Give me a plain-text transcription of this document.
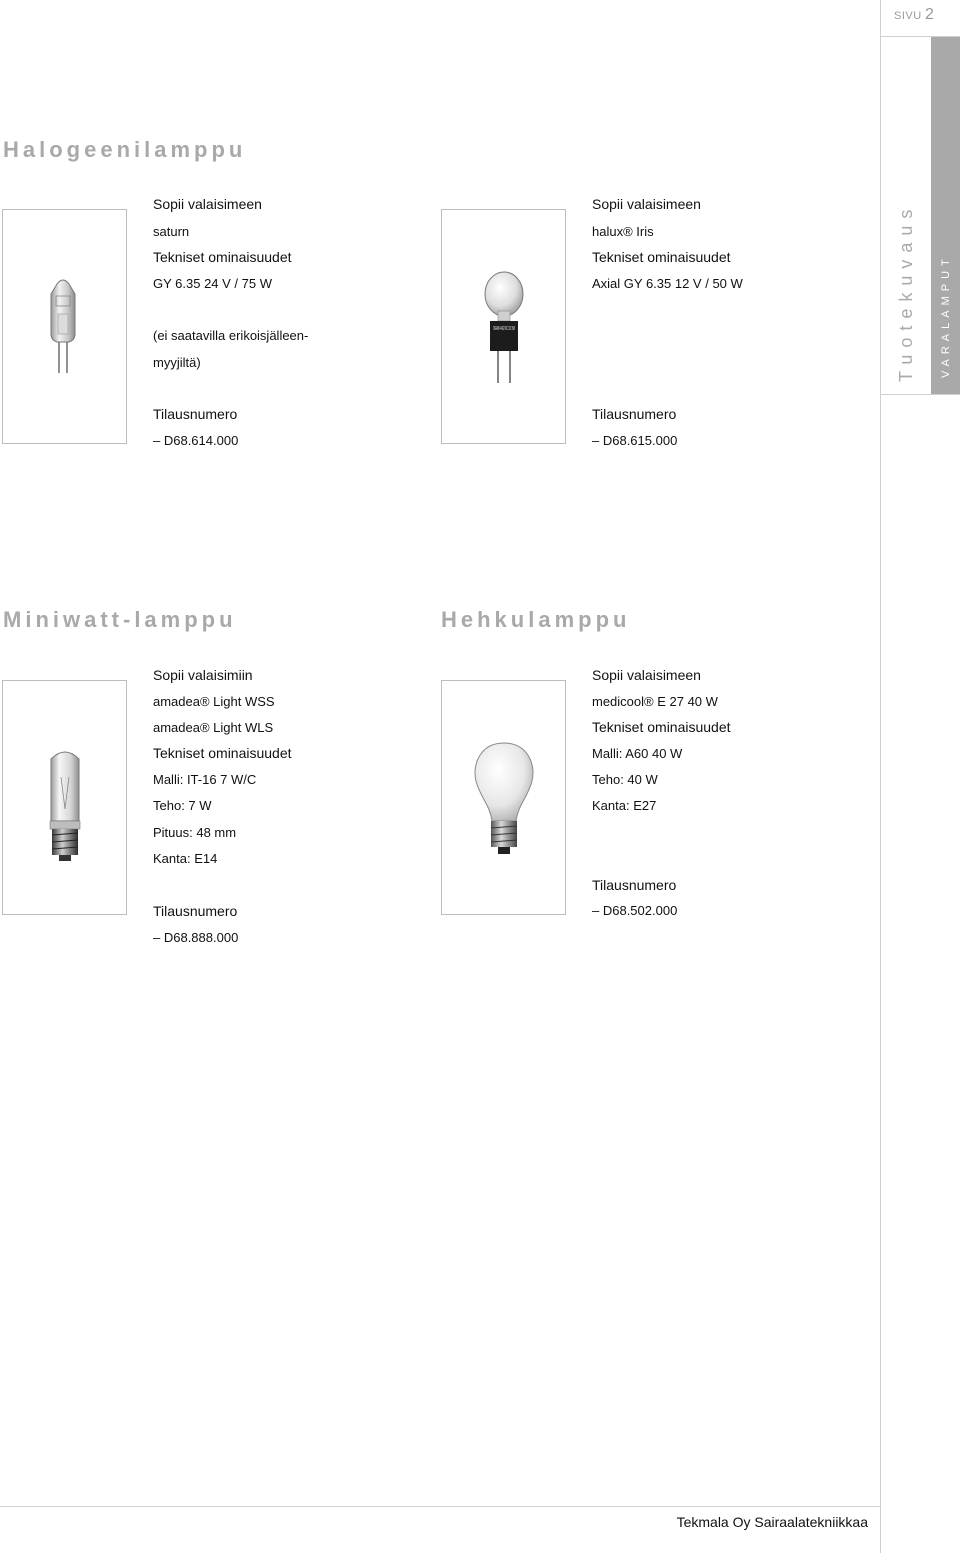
SIVU 2
Tuotekuvaus VARALAMPUT
Halogeenilamppu
Sopii valaisimeen
saturn
Tekniset ominaisuudet
GY 6.35 24 V / 75 W
(ei saatavilla erikoisjälleen-
myyjiltä)
Tilausnumero
– D68.614.000
OSRAM 64432 IRC 12V 35W
Sopii valaisimeen
halux® Iris
Tekniset ominaisuudet
Axial GY 6.35 12 V / 50 W
Tilausnumero
– D68.615.000
Miniwatt-lamppu
Sopii valaisimiin
amadea® Light WSS
amadea® Light WLS
Tekniset ominaisuudet
Malli: IT-16 7 W/C
Teho: 7 W
Pituus: 48 mm
Kanta: E14
Tilausnumero
– D68.888.000
Hehkulamppu
Sopii valaisimeen
medicool® E 27 40 W
Tekniset ominaisuudet
Malli: A60 40 W
Teho: 40 W
Kanta: E27
Tilausnumero
– D68.502.000
Tekmala Oy Sairaalatekniikkaa
